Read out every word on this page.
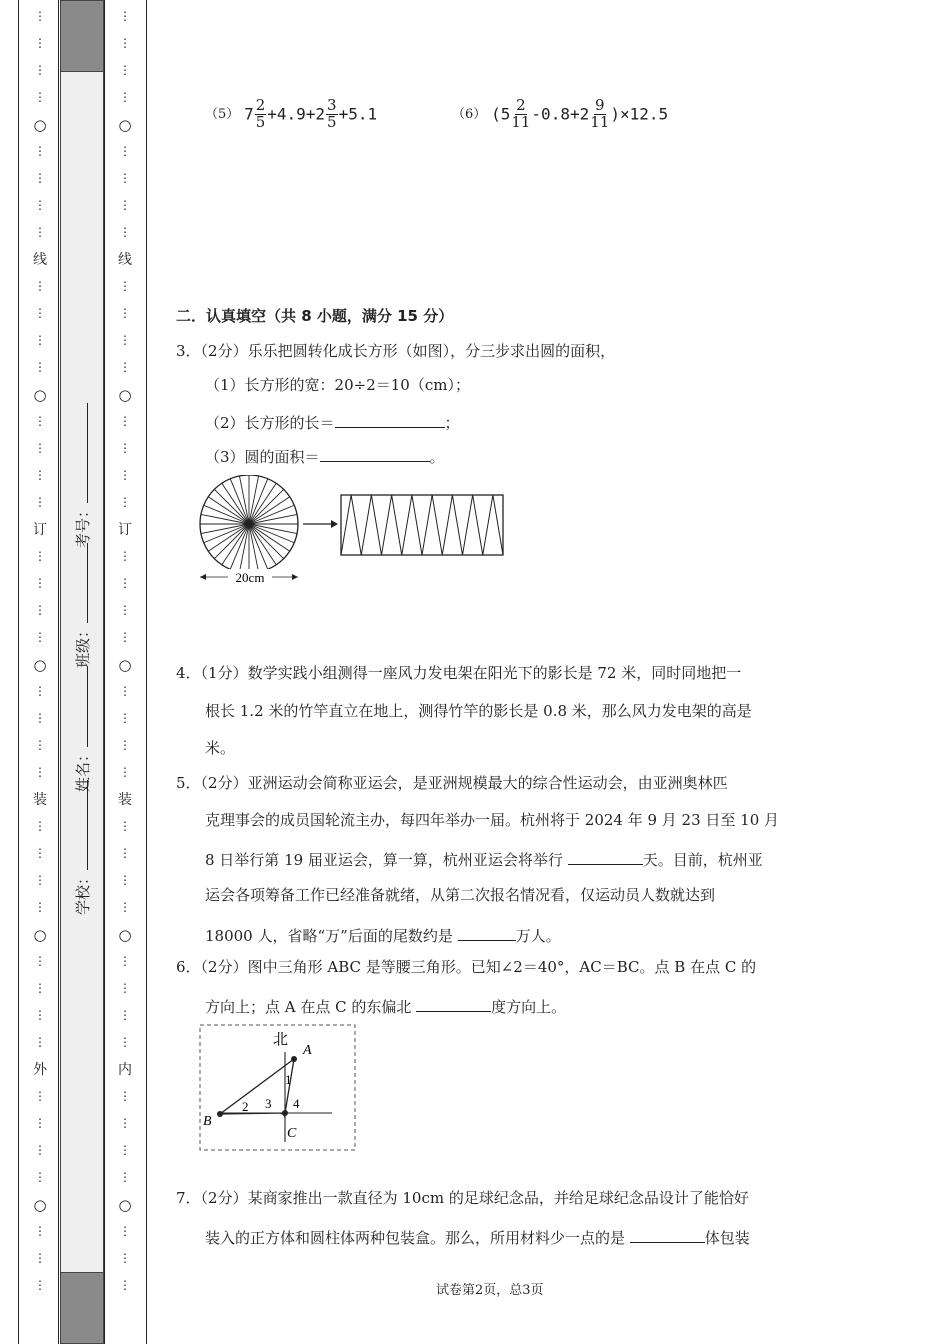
⋮
⋮
⋮
⋮
○
⋮
⋮
⋮
⋮
线
⋮
⋮
⋮
⋮
○
⋮
⋮
⋮
⋮
订
⋮
⋮
⋮
⋮
○
⋮
⋮
⋮
⋮
装
⋮
⋮
⋮
⋮
○
⋮
⋮
⋮
⋮
外
⋮
⋮
⋮
⋮
○
⋮
⋮
⋮
⋮
⋮
⋮
⋮
○
⋮
⋮
⋮
⋮
线
⋮
⋮
⋮
⋮
○
⋮
⋮
⋮
⋮
订
⋮
⋮
⋮
⋮
○
⋮
⋮
⋮
⋮
装
⋮
⋮
⋮
⋮
○
⋮
⋮
⋮
⋮
内
⋮
⋮
⋮
⋮
○
⋮
⋮
⋮
学校：
姓名：
班级：
考号：
（5） $7 \frac{2}{5} +4.9+2 \frac{3}{5} +5.1$	（6） $(5 \frac{2}{11} -0.8+2 \frac{9}{11} )\times 12.5$
二．认真填空（共 8 小题，满分 15 分）
3．（2分）乐乐把圆转化成长方形（如图），分三步求出圆的面积，
（1）长方形的宽：20÷2＝10（cm）；
（2）长方形的长＝	；
（3）圆的面积＝	。
20cm
4．（1分）数学实践小组测得一座风力发电架在阳光下的影长是 72 米，同时同地把一
根长 1.2 米的竹竿直立在地上，测得竹竿的影长是 0.8 米，那么风力发电架的高是
米。
5．（2分）亚洲运动会简称亚运会，是亚洲规模最大的综合性运动会，由亚洲奥林匹
克理事会的成员国轮流主办，每四年举办一届。杭州将于 2024 年 9 月 23 日至 10 月
8 日举行第 19 届亚运会，算一算，杭州亚运会将举行	天。目前，杭州亚
运会各项筹备工作已经准备就绪，从第二次报名情况看，仅运动员人数就达到
18000 人，省略“万”后面的尾数约是	万人。
6．（2分）图中三角形 ABC 是等腰三角形。已知∠2＝40°，AC＝BC。点 B 在点 C 的
方向上；点 A 在点 C 的东偏北	度方向上。
北
A
B
C
1
2 3 4
7．（2分）某商家推出一款直径为 10cm 的足球纪念品，并给足球纪念品设计了能恰好
装入的正方体和圆柱体两种包装盒。那么，所用材料少一点的是	体包装
试卷第2页，总3页
